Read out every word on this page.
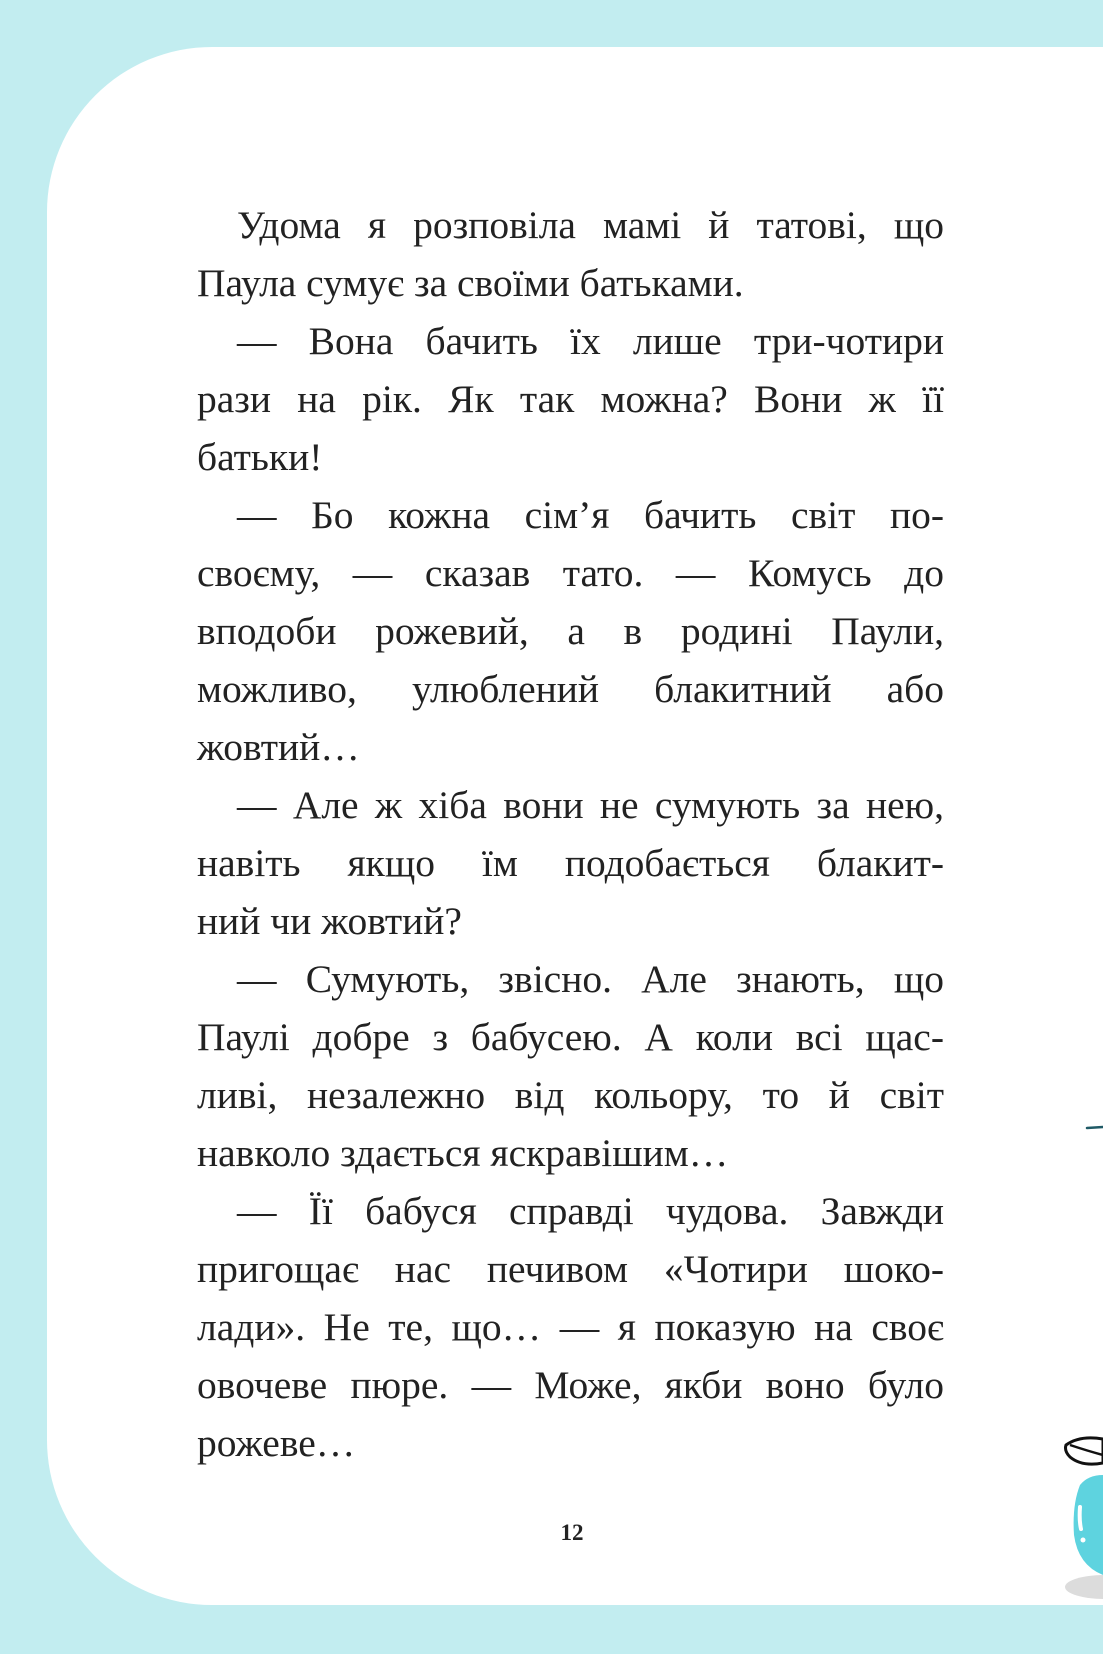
Удома я розповіла мамі й татові, що
Паула сумує за своїми батьками.
— Вона бачить їх лише три-чотири
рази на рік. Як так можна? Вони ж її
батьки!
— Бо кожна сім’я бачить світ по-
своєму, — сказав тато. — Комусь до
вподоби рожевий, а в родині Паули,
можливо, улюблений блакитний або
жовтий…
— Але ж хіба вони не сумують за нею,
навіть якщо їм подобається блакит-
ний чи жовтий?
— Сумують, звісно. Але знають, що
Паулі добре з бабусею. А коли всі щас-
ливі, незалежно від кольору, то й світ
навколо здається яскравішим…
— Її бабуся справді чудова. Завжди
пригощає нас печивом «Чотири шоко-
лади». Не те, що… — я показую на своє
овочеве пюре. — Може, якби воно було
рожеве…
12
